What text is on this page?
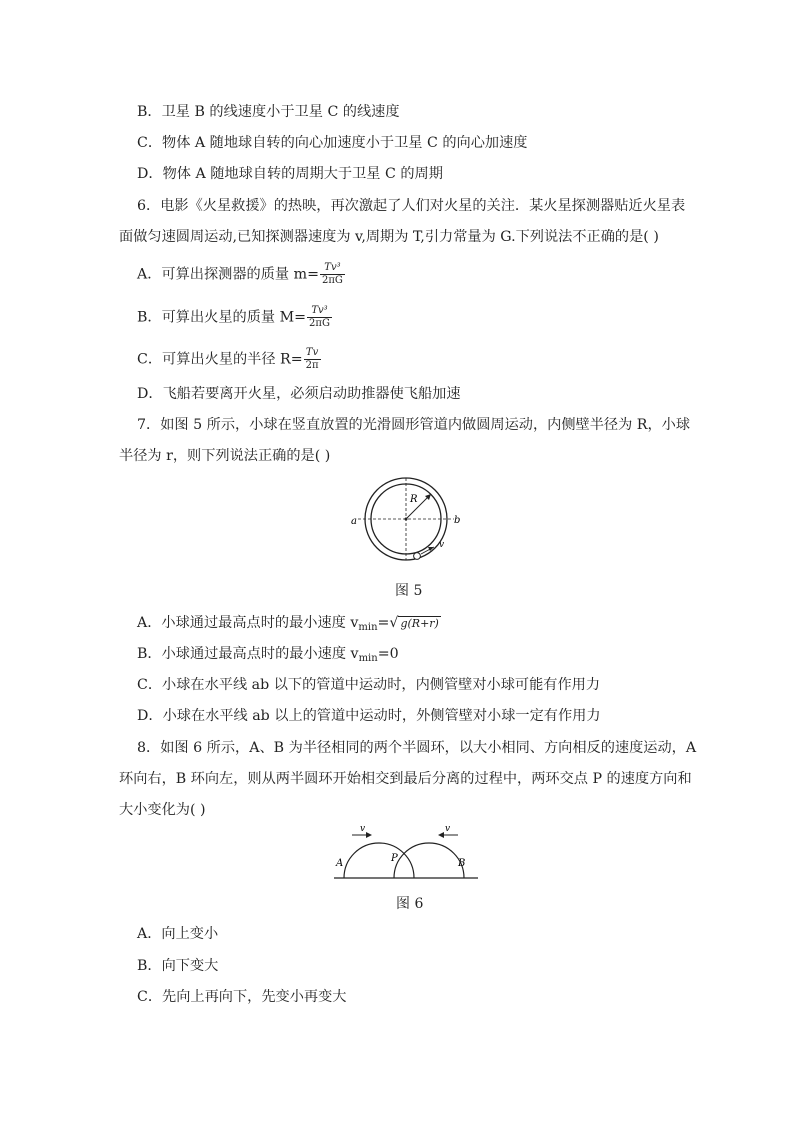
B．卫星 B 的线速度小于卫星 C 的线速度
C．物体 A 随地球自转的向心加速度小于卫星 C 的向心加速度
D．物体 A 随地球自转的周期大于卫星 C 的周期
6．电影《火星救援》的热映，再次激起了人们对火星的关注．某火星探测器贴近火星表
面做匀速圆周运动,已知探测器速度为 v,周期为 T,引力常量为 G.下列说法不正确的是( )
A．可算出探测器的质量 $m= \frac{\text{Tv³}}{2\pi G}$
B．可算出火星的质量 $M= \frac{\text{Tv³}}{2\pi G}$
C．可算出火星的半径 $R= \frac{Tv}{2\pi}$
D．飞船若要离开火星，必须启动助推器使飞船加速
7．如图 5 所示，小球在竖直放置的光滑圆形管道内做圆周运动，内侧壁半径为 R，小球
半径为 r，则下列说法正确的是( )
a	b
R
v
图 5
A．小球通过最高点时的最小速度 $v_{min}=√$ g(R+r)
B．小球通过最高点时的最小速度 $v_{min}=0$
C．小球在水平线 ab 以下的管道中运动时，内侧管壁对小球可能有作用力
D．小球在水平线 ab 以上的管道中运动时，外侧管壁对小球一定有作用力
8．如图 6 所示，A、B 为半径相同的两个半圆环，以大小相同、方向相反的速度运动，A
环向右，B 环向左，则从两半圆环开始相交到最后分离的过程中，两环交点 P 的速度方向和
大小变化为( )
v	v
A	P	B
图 6
A．向上变小
B．向下变大
C．先向上再向下，先变小再变大
